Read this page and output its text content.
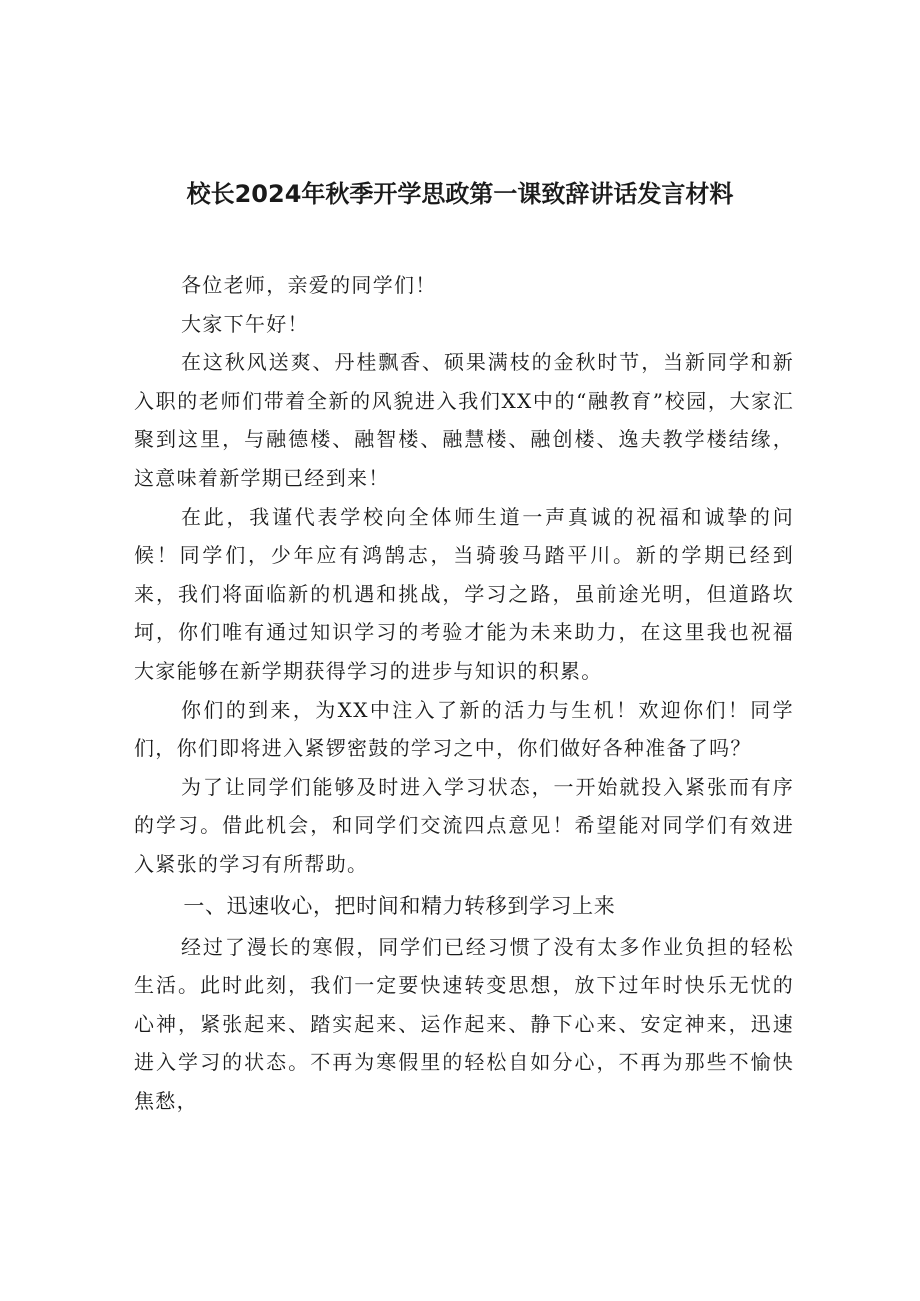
校长2024年秋季开学思政第一课致辞讲话发言材料

各位老师，亲爱的同学们！

大家下午好！

在这秋风送爽、丹桂飘香、硕果满枝的金秋时节，当新同学和新入职的老师们带着全新的风貌进入我们XX中的“融教育”校园，大家汇聚到这里，与融德楼、融智楼、融慧楼、融创楼、逸夫教学楼结缘，这意味着新学期已经到来！

在此，我谨代表学校向全体师生道一声真诚的祝福和诚挚的问候！同学们，少年应有鸿鹄志，当骑骏马踏平川。新的学期已经到来，我们将面临新的机遇和挑战，学习之路，虽前途光明，但道路坎坷，你们唯有通过知识学习的考验才能为未来助力，在这里我也祝福大家能够在新学期获得学习的进步与知识的积累。

你们的到来，为XX中注入了新的活力与生机！欢迎你们！同学们，你们即将进入紧锣密鼓的学习之中，你们做好各种准备了吗？

为了让同学们能够及时进入学习状态，一开始就投入紧张而有序的学习。借此机会，和同学们交流四点意见！希望能对同学们有效进入紧张的学习有所帮助。

一、迅速收心，把时间和精力转移到学习上来

经过了漫长的寒假，同学们已经习惯了没有太多作业负担的轻松生活。此时此刻，我们一定要快速转变思想，放下过年时快乐无忧的心神，紧张起来、踏实起来、运作起来、静下心来、安定神来，迅速进入学习的状态。不再为寒假里的轻松自如分心，不再为那些不愉快焦愁，
